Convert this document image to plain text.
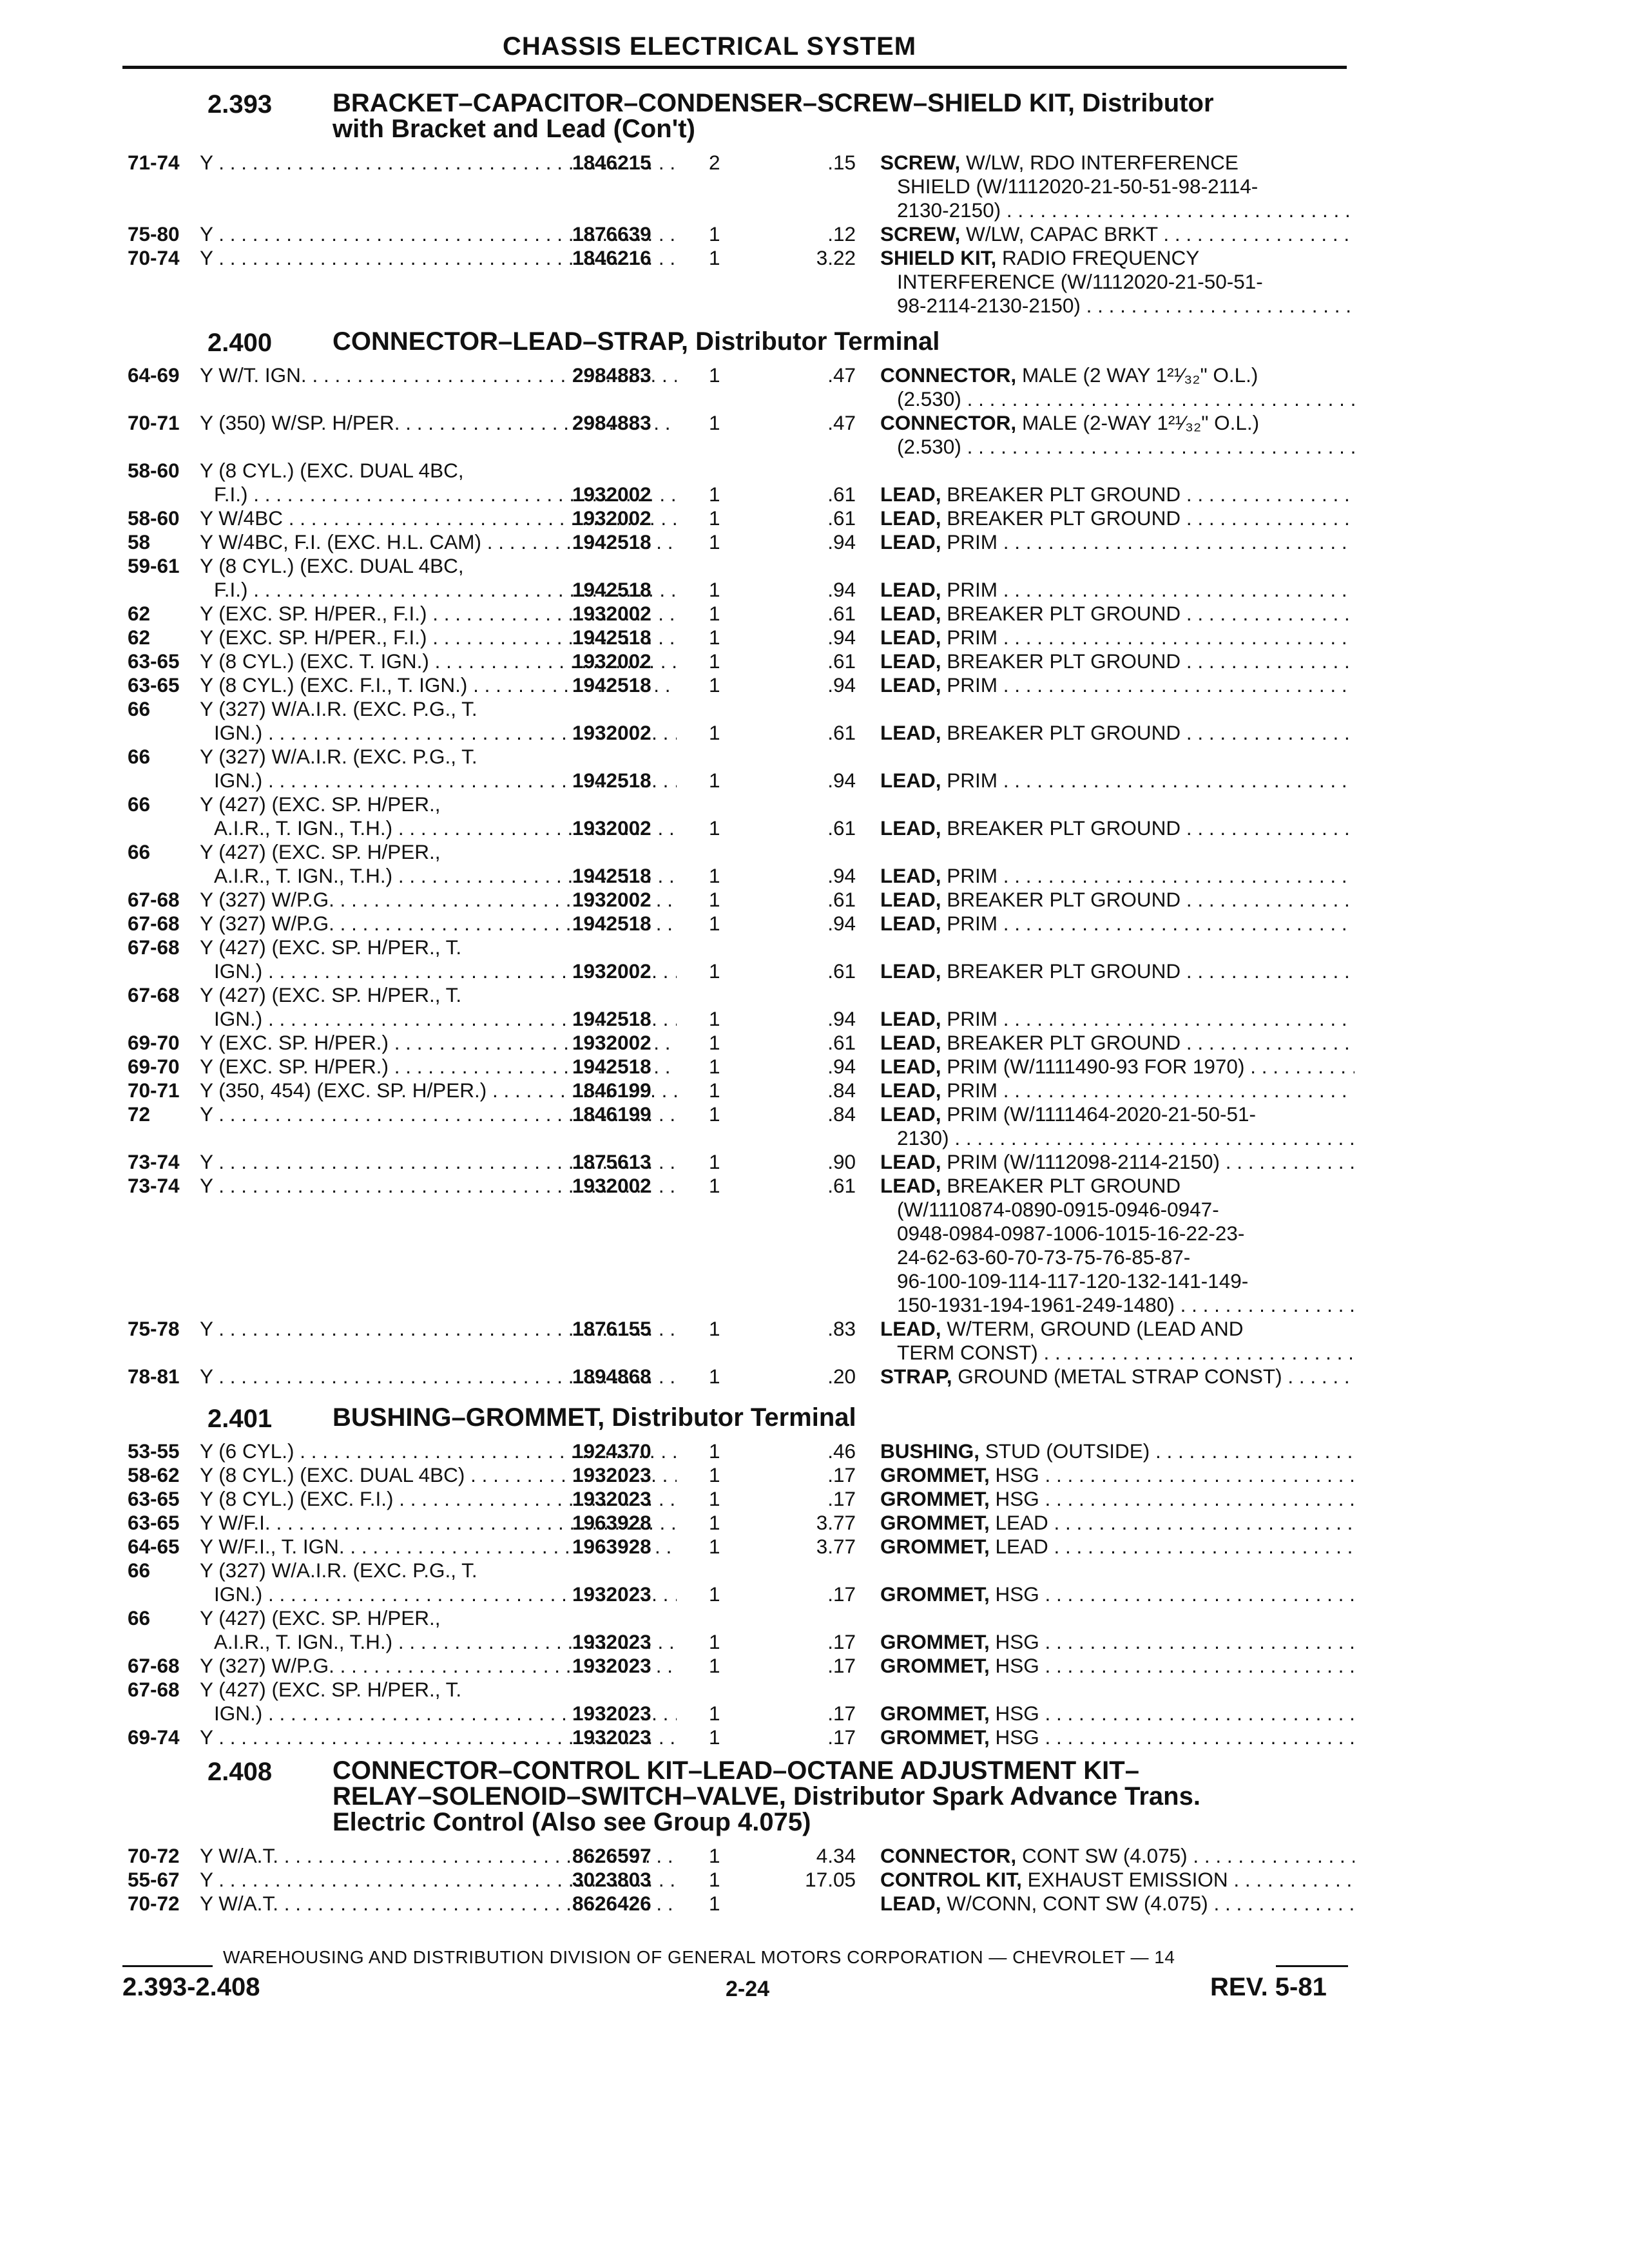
CHASSIS ELECTRICAL SYSTEM
2.393 BRACKET–CAPACITOR–CONDENSER–SCREW–SHIELD KIT, Distributor
with Bracket and Lead (Con't)
71-74 Y . . .	1846215	2	.15 SCREW, W/LW, RDO INTERFERENCE
SHIELD (W/1112020-21-50-51-98-2114-
2130-2150) . . .
75-80 Y . . .	1876639	1	.12 SCREW, W/LW, CAPAC BRKT . . .
70-74 Y . . .	1846216	1	3.22 SHIELD KIT, RADIO FREQUENCY
INTERFERENCE (W/1112020-21-50-51-
98-2114-2130-2150) . . .
2.400 CONNECTOR–LEAD–STRAP, Distributor Terminal
64-69 Y W/T. IGN. . . .	2984883	1	.47 CONNECTOR, MALE (2 WAY 1²¹⁄₃₂" O.L.)
(2.530) . . .
70-71 Y (350) W/SP. H/PER. . . .	2984883	1	.47 CONNECTOR, MALE (2-WAY 1²¹⁄₃₂" O.L.)
(2.530) . . .
58-60 Y (8 CYL.) (EXC. DUAL 4BC,
F.I.) . . .	1932002	1	.61 LEAD, BREAKER PLT GROUND . . .
58-60 Y W/4BC . . .	1932002	1	.61 LEAD, BREAKER PLT GROUND . . .
58 Y W/4BC, F.I. (EXC. H.L. CAM) . . .	1942518	1	.94 LEAD, PRIM . . .
59-61 Y (8 CYL.) (EXC. DUAL 4BC,
F.I.) . . .	1942518	1	.94 LEAD, PRIM . . .
62 Y (EXC. SP. H/PER., F.I.) . . .	1932002	1	.61 LEAD, BREAKER PLT GROUND . . .
62 Y (EXC. SP. H/PER., F.I.) . . .	1942518	1	.94 LEAD, PRIM . . .
63-65 Y (8 CYL.) (EXC. T. IGN.) . . .	1932002	1	.61 LEAD, BREAKER PLT GROUND . . .
63-65 Y (8 CYL.) (EXC. F.I., T. IGN.) . . .	1942518	1	.94 LEAD, PRIM . . .
66 Y (327) W/A.I.R. (EXC. P.G., T.
IGN.) . . .	1932002	1	.61 LEAD, BREAKER PLT GROUND . . .
66 Y (327) W/A.I.R. (EXC. P.G., T.
IGN.) . . .	1942518	1	.94 LEAD, PRIM . . .
66 Y (427) (EXC. SP. H/PER.,
A.I.R., T. IGN., T.H.) . . .	1932002	1	.61 LEAD, BREAKER PLT GROUND . . .
66 Y (427) (EXC. SP. H/PER.,
A.I.R., T. IGN., T.H.) . . .	1942518	1	.94 LEAD, PRIM . . .
67-68 Y (327) W/P.G. . . .	1932002	1	.61 LEAD, BREAKER PLT GROUND . . .
67-68 Y (327) W/P.G. . . .	1942518	1	.94 LEAD, PRIM . . .
67-68 Y (427) (EXC. SP. H/PER., T.
IGN.) . . .	1932002	1	.61 LEAD, BREAKER PLT GROUND . . .
67-68 Y (427) (EXC. SP. H/PER., T.
IGN.) . . .	1942518	1	.94 LEAD, PRIM . . .
69-70 Y (EXC. SP. H/PER.) . . .	1932002	1	.61 LEAD, BREAKER PLT GROUND . . .
69-70 Y (EXC. SP. H/PER.) . . .	1942518	1	.94 LEAD, PRIM (W/1111490-93 FOR 1970) . . .
70-71 Y (350, 454) (EXC. SP. H/PER.) . . .	1846199	1	.84 LEAD, PRIM . . .
72 Y . . .	1846199	1	.84 LEAD, PRIM (W/1111464-2020-21-50-51-
2130) . . .
73-74 Y . . .	1875613	1	.90 LEAD, PRIM (W/1112098-2114-2150) . . .
73-74 Y . . .	1932002	1	.61 LEAD, BREAKER PLT GROUND
(W/1110874-0890-0915-0946-0947-
0948-0984-0987-1006-1015-16-22-23-
24-62-63-60-70-73-75-76-85-87-
96-100-109-114-117-120-132-141-149-
150-1931-194-1961-249-1480) . . .
75-78 Y . . .	1876155	1	.83 LEAD, W/TERM, GROUND (LEAD AND
TERM CONST) . . .
78-81 Y . . .	1894868	1	.20 STRAP, GROUND (METAL STRAP CONST) . . .
2.401 BUSHING–GROMMET, Distributor Terminal
53-55 Y (6 CYL.) . . .	1924370	1	.46 BUSHING, STUD (OUTSIDE) . . .
58-62 Y (8 CYL.) (EXC. DUAL 4BC) . . .	1932023	1	.17 GROMMET, HSG . . .
63-65 Y (8 CYL.) (EXC. F.I.) . . .	1932023	1	.17 GROMMET, HSG . . .
63-65 Y W/F.I. . . .	1963928	1	3.77 GROMMET, LEAD . . .
64-65 Y W/F.I., T. IGN. . . .	1963928	1	3.77 GROMMET, LEAD . . .
66 Y (327) W/A.I.R. (EXC. P.G., T.
IGN.) . . .	1932023	1	.17 GROMMET, HSG . . .
66 Y (427) (EXC. SP. H/PER.,
A.I.R., T. IGN., T.H.) . . .	1932023	1	.17 GROMMET, HSG . . .
67-68 Y (327) W/P.G. . . .	1932023	1	.17 GROMMET, HSG . . .
67-68 Y (427) (EXC. SP. H/PER., T.
IGN.) . . .	1932023	1	.17 GROMMET, HSG . . .
69-74 Y . . .	1932023	1	.17 GROMMET, HSG . . .
2.408 CONNECTOR–CONTROL KIT–LEAD–OCTANE ADJUSTMENT KIT–
RELAY–SOLENOID–SWITCH–VALVE, Distributor Spark Advance Trans.
Electric Control (Also see Group 4.075)
70-72 Y W/A.T. . . .	8626597	1	4.34 CONNECTOR, CONT SW (4.075) . . .
55-67 Y . . .	3023803	1	17.05 CONTROL KIT, EXHAUST EMISSION . . .
70-72 Y W/A.T. . . .	8626426	1	LEAD, W/CONN, CONT SW (4.075) . . .
WAREHOUSING AND DISTRIBUTION DIVISION OF GENERAL MOTORS CORPORATION — CHEVROLET — 14
2.393-2.408	2-24	REV. 5-81
